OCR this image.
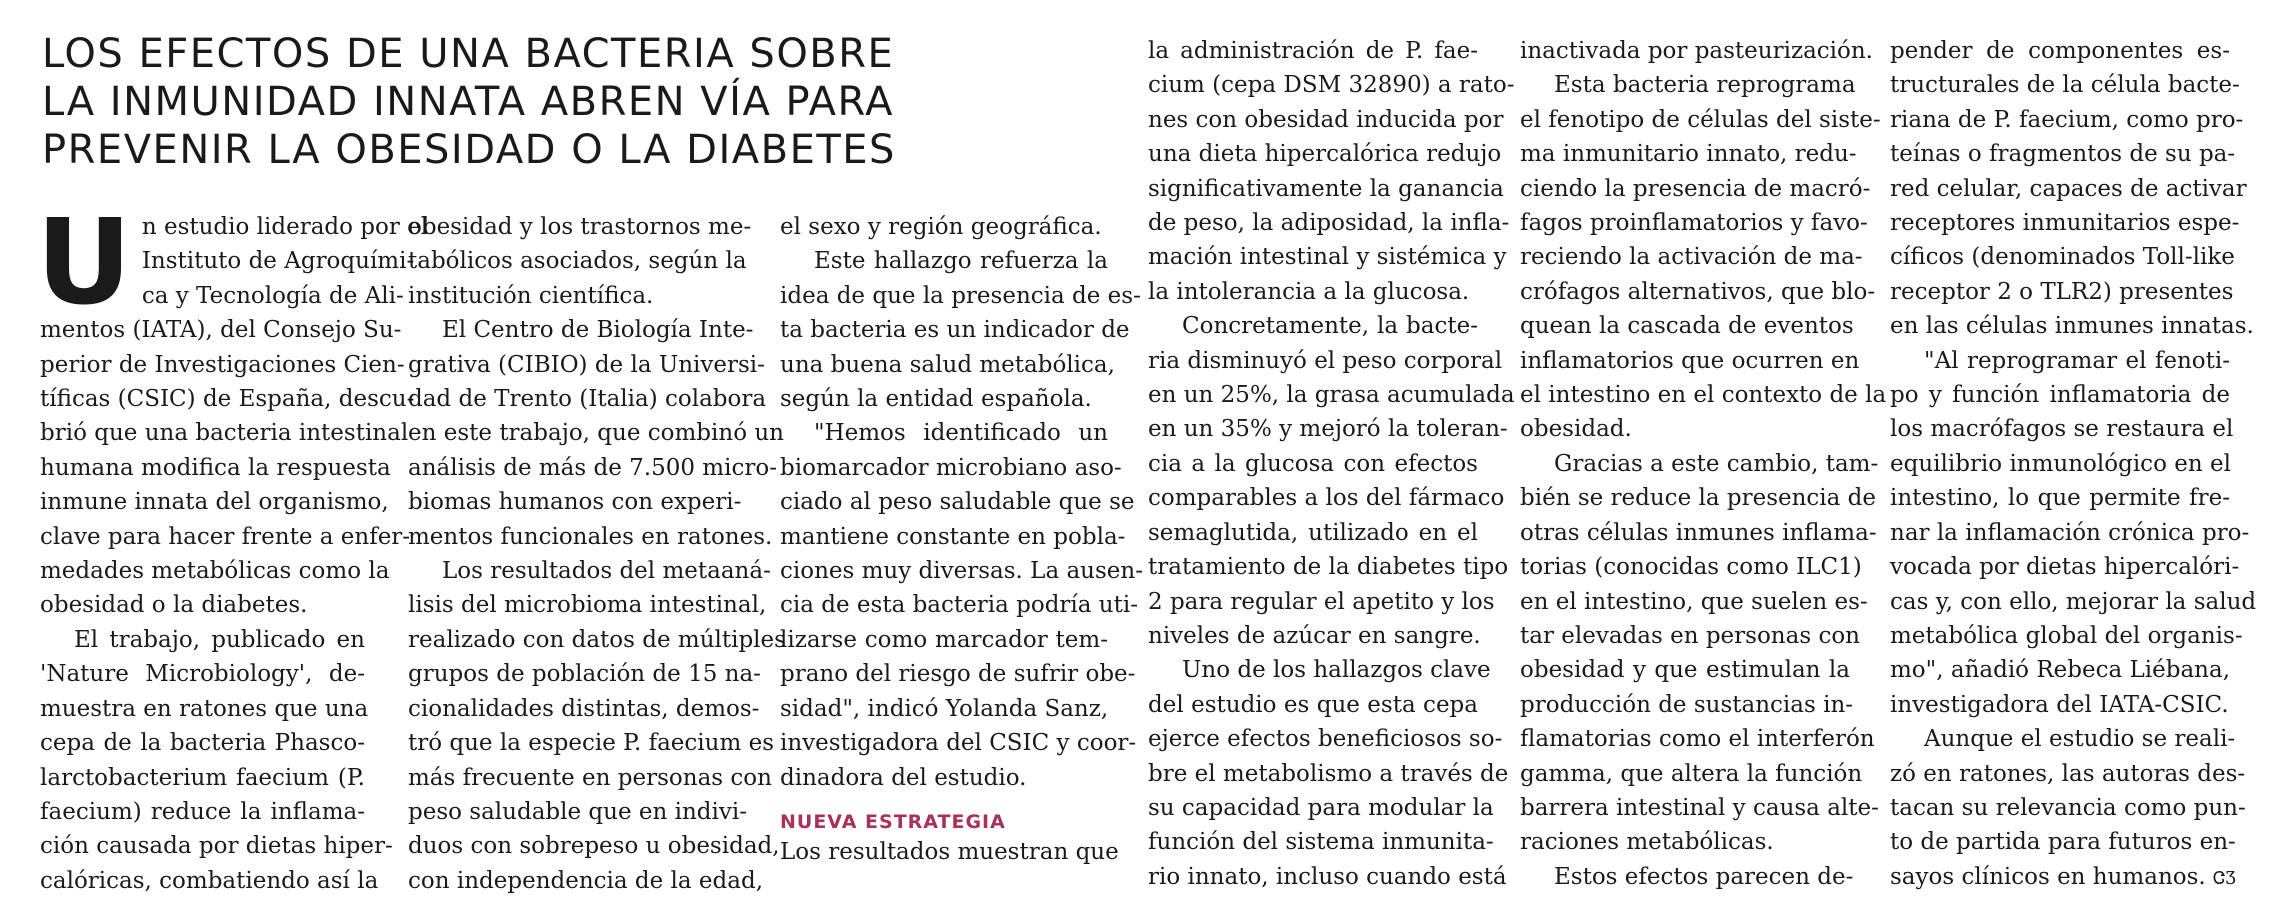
LOS EFECTOS DE UNA BACTERIA SOBRE
LA INMUNIDAD INNATA ABREN VÍA PARA
PREVENIR LA OBESIDAD O LA DIABETES

U n estudio liderado por el
Instituto de Agroquími-
ca y Tecnología de Ali-
mentos (IATA), del Consejo Su-
perior de Investigaciones Cien-
tíficas (CSIC) de España, descu-
brió que una bacteria intestinal
humana modifica la respuesta
inmune innata del organismo,
clave para hacer frente a enfer-
medades metabólicas como la
obesidad o la diabetes.

El trabajo, publicado en
'Nature Microbiology', de-
muestra en ratones que una
cepa de la bacteria Phasco-
larctobacterium faecium (P.
faecium) reduce la inflama-
ción causada por dietas hiper-
calóricas, combatiendo así la

obesidad y los trastornos me-
tabólicos asociados, según la
institución científica.

El Centro de Biología Inte-
grativa (CIBIO) de la Universi-
dad de Trento (Italia) colabora
en este trabajo, que combinó un
análisis de más de 7.500 micro-
biomas humanos con experi-
mentos funcionales en ratones.

Los resultados del metaaná-
lisis del microbioma intestinal,
realizado con datos de múltiples
grupos de población de 15 na-
cionalidades distintas, demos-
tró que la especie P. faecium es
más frecuente en personas con
peso saludable que en indivi-
duos con sobrepeso u obesidad,
con independencia de la edad,

el sexo y región geográfica.

Este hallazgo refuerza la
idea de que la presencia de es-
ta bacteria es un indicador de
una buena salud metabólica,
según la entidad española.

"Hemos identificado un
biomarcador microbiano aso-
ciado al peso saludable que se
mantiene constante en pobla-
ciones muy diversas. La ausen-
cia de esta bacteria podría uti-
lizarse como marcador tem-
prano del riesgo de sufrir obe-
sidad", indicó Yolanda Sanz,
investigadora del CSIC y coor-
dinadora del estudio.

NUEVA ESTRATEGIA

Los resultados muestran que

la administración de P. fae-
cium (cepa DSM 32890) a rato-
nes con obesidad inducida por
una dieta hipercalórica redujo
significativamente la ganancia
de peso, la adiposidad, la infla-
mación intestinal y sistémica y
la intolerancia a la glucosa.

Concretamente, la bacte-
ria disminuyó el peso corporal
en un 25%, la grasa acumulada
en un 35% y mejoró la toleran-
cia a la glucosa con efectos
comparables a los del fármaco
semaglutida, utilizado en el
tratamiento de la diabetes tipo
2 para regular el apetito y los
niveles de azúcar en sangre.

Uno de los hallazgos clave
del estudio es que esta cepa
ejerce efectos beneficiosos so-
bre el metabolismo a través de
su capacidad para modular la
función del sistema inmunita-
rio innato, incluso cuando está

inactivada por pasteurización.

Esta bacteria reprograma
el fenotipo de células del siste-
ma inmunitario innato, redu-
ciendo la presencia de macró-
fagos proinflamatorios y favo-
reciendo la activación de ma-
crófagos alternativos, que blo-
quean la cascada de eventos
inflamatorios que ocurren en
el intestino en el contexto de la
obesidad.

Gracias a este cambio, tam-
bién se reduce la presencia de
otras células inmunes inflama-
torias (conocidas como ILC1)
en el intestino, que suelen es-
tar elevadas en personas con
obesidad y que estimulan la
producción de sustancias in-
flamatorias como el interferón
gamma, que altera la función
barrera intestinal y causa alte-
raciones metabólicas.

Estos efectos parecen de-

pender de componentes es-
tructurales de la célula bacte-
riana de P. faecium, como pro-
teínas o fragmentos de su pa-
red celular, capaces de activar
receptores inmunitarios espe-
cíficos (denominados Toll-like
receptor 2 o TLR2) presentes
en las células inmunes innatas.

"Al reprogramar el fenoti-
po y función inflamatoria de
los macrófagos se restaura el
equilibrio inmunológico en el
intestino, lo que permite fre-
nar la inflamación crónica pro-
vocada por dietas hipercalóri-
cas y, con ello, mejorar la salud
metabólica global del organis-
mo", añadió Rebeca Liébana,
investigadora del IATA-CSIC.

Aunque el estudio se reali-
zó en ratones, las autoras des-
tacan su relevancia como pun-
to de partida para futuros en-
sayos clínicos en humanos. ᏣƷ
